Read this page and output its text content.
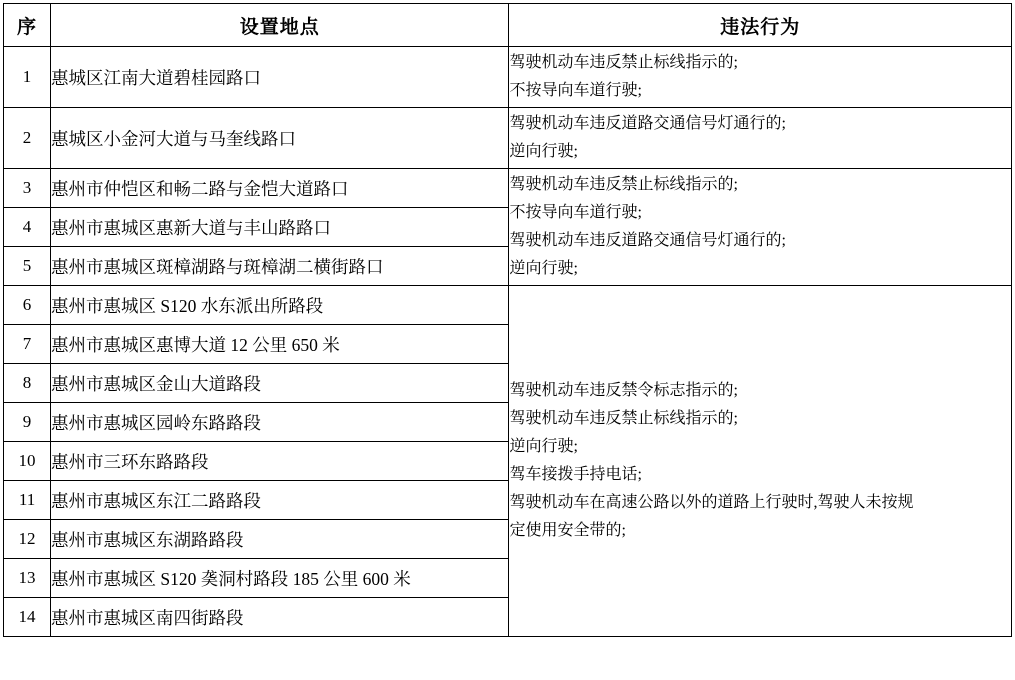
序	设置地点	违法行为
1	惠城区江南大道碧桂园路口	驾驶机动车违反禁止标线指示的;
不按导向车道行驶;

2	惠城区小金河大道与马奎线路口	驾驶机动车违反道路交通信号灯通行的;
逆向行驶;

3	惠州市仲恺区和畅二路与金恺大道路口	驾驶机动车违反禁止标线指示的;
不按导向车道行驶;
驾驶机动车违反道路交通信号灯通行的;
逆向行驶;

4	惠州市惠城区惠新大道与丰山路路口	
5	惠州市惠城区斑樟湖路与斑樟湖二横街路口	
6	惠州市惠城区 S120 水东派出所路段	
驾驶机动车违反禁令标志指示的;
驾驶机动车违反禁止标线指示的;
逆向行驶;
驾车接拨手持电话;
驾驶机动车在高速公路以外的道路上行驶时,驾驶人未按规
定使用安全带的;

7	惠州市惠城区惠博大道 12 公里 650 米	
8	惠州市惠城区金山大道路段	
9	惠州市惠城区园岭东路路段	
10	惠州市三环东路路段	
11	惠州市惠城区东江二路路段	
12	惠州市惠城区东湖路路段	
13	惠州市惠城区 S120 䶮洞村路段 185 公里 600 米	
14	惠州市惠城区南四街路段	
